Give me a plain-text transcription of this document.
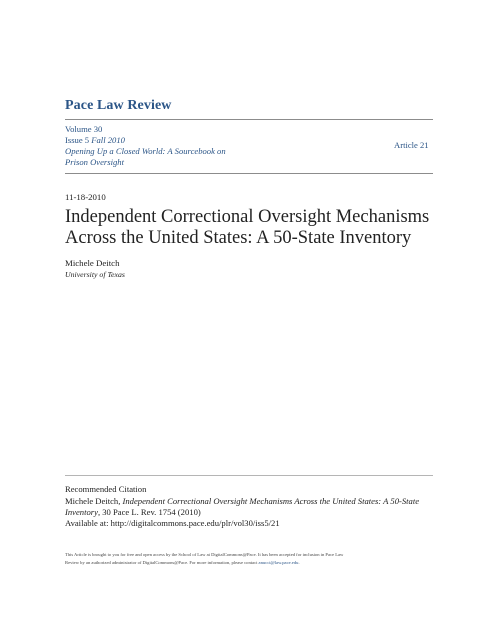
Pace Law Review
Volume 30
Issue 5 Fall 2010
Opening Up a Closed World: A Sourcebook on
Prison Oversight
Article 21
11-18-2010
Independent Correctional Oversight Mechanisms
Across the United States: A 50-State Inventory
Michele Deitch
University of Texas
Recommended Citation
Michele Deitch, Independent Correctional Oversight Mechanisms Across the United States: A 50-State
Inventory, 30 Pace L. Rev. 1754 (2010)
Available at: http://digitalcommons.pace.edu/plr/vol30/iss5/21
This Article is brought to you for free and open access by the School of Law at DigitalCommons@Pace. It has been accepted for inclusion in Pace Law
Review by an authorized administrator of DigitalCommons@Pace. For more information, please contact anucci@law.pace.edu.
